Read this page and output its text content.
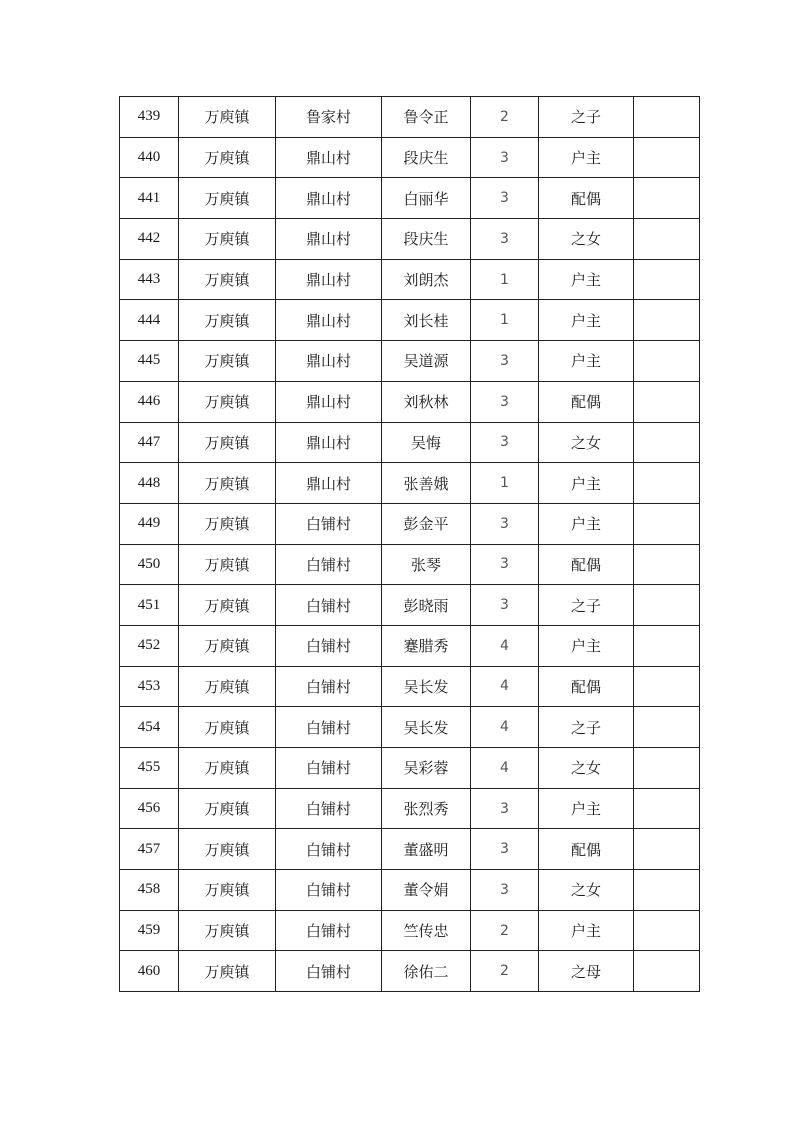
439	万庾镇	鲁家村	鲁令正	2	之子	
440	万庾镇	鼎山村	段庆生	3	户主	
441	万庾镇	鼎山村	白丽华	3	配偶	
442	万庾镇	鼎山村	段庆生	3	之女	
443	万庾镇	鼎山村	刘朗杰	1	户主	
444	万庾镇	鼎山村	刘长桂	1	户主	
445	万庾镇	鼎山村	吴道源	3	户主	
446	万庾镇	鼎山村	刘秋林	3	配偶	
447	万庾镇	鼎山村	吴悔	3	之女	
448	万庾镇	鼎山村	张善娥	1	户主	
449	万庾镇	白铺村	彭金平	3	户主	
450	万庾镇	白铺村	张琴	3	配偶	
451	万庾镇	白铺村	彭晓雨	3	之子	
452	万庾镇	白铺村	蹇腊秀	4	户主	
453	万庾镇	白铺村	吴长发	4	配偶	
454	万庾镇	白铺村	吴长发	4	之子	
455	万庾镇	白铺村	吴彩蓉	4	之女	
456	万庾镇	白铺村	张烈秀	3	户主	
457	万庾镇	白铺村	董盛明	3	配偶	
458	万庾镇	白铺村	董令娟	3	之女	
459	万庾镇	白铺村	竺传忠	2	户主	
460	万庾镇	白铺村	徐佑二	2	之母	
